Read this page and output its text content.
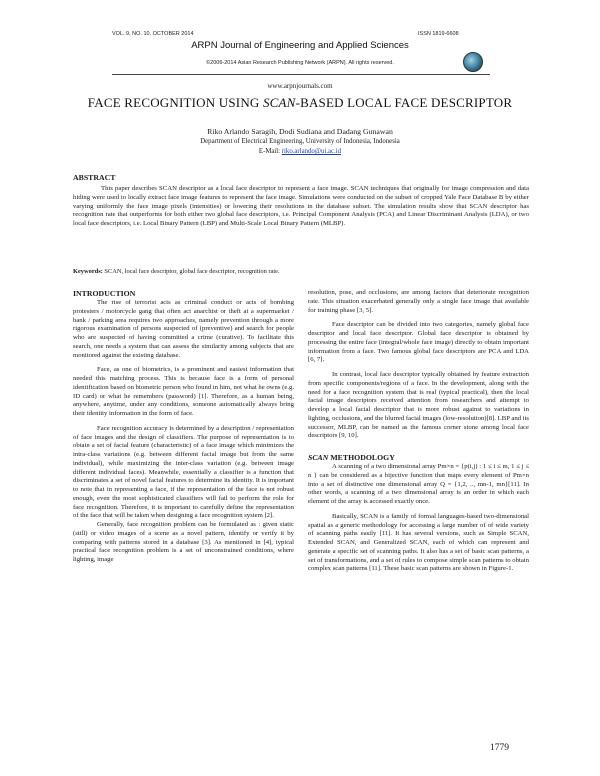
VOL. 9, NO. 10, OCTOBER 2014	ISSN 1819-6608
ARPN Journal of Engineering and Applied Sciences
©2006-2014 Asian Research Publishing Network (ARPN). All rights reserved.
www.arpnjournals.com
FACE RECOGNITION USING SCAN-BASED LOCAL FACE DESCRIPTOR
Riko Arlando Saragih, Dodi Sudiana and Dadang Gunawan
Department of Electrical Engineering, University of Indonesia, Indonesia
E-Mail: riko.arlando@ui.ac.id
ABSTRACT

This paper describes SCAN descriptor as a local face descriptor to represent a face image. SCAN techniques that originally for image compression and data hiding were used to locally extract face image features to represent the face image. Simulations were conducted on the subset of cropped Yale Face Database B by either varying uniformly the face image pixels (intensities) or lowering their resolutions in the database subset. The simulation results show that SCAN descriptor has recognition rate that outperforms for both either two global face descriptors, i.e. Principal Component Analysis (PCA) and Linear Discriminant Analysis (LDA), or two local face descriptors, i.e. Local Binary Pattern (LBP) and Multi-Scale Local Binary Pattern (MLBP).

Keywords: SCAN, local face descriptor, global face descriptor, recognition rate.

INTRODUCTION

The rise of terrorist acts as criminal conduct or acts of bombing protesters / motorcycle gang that often act anarchist or theft at a supermarket / bank / parking area requires two approaches, namely prevention through a more rigorous examination of persons suspected of (preventive) and search for people who are suspected of having committed a crime (curative). To facilitate this search, one needs a system that can assess the similarity among subjects that are monitored against the existing database.

Face, as one of biometrics, is a prominent and easiest information that needed this matching process. This is because face is a form of personal identification based on biometric person who found in him, not what he owns (e.g. ID card) or what he remembers (password) [1]. Therefore, as a human being, anywhere, anytime, under any conditions, someone automatically always bring their identity information in the form of face.

Face recognition accuracy is determined by a description / representation of face images and the design of classifiers. The purpose of representation is to obtain a set of facial feature (characteristic) of a face image which minimizes the intra-class variations (e.g. between different facial image but from the same individual), while maximizing the inter-class variation (e.g. between image different individual faces). Meanwhile, essentially a classifier is a function that discriminates a set of novel facial features to determine its identity. It is important to note that in representing a face, if the representation of the face is not robust enough, even the most sophisticated classifiers will fail to perform the role for face recognition. Therefore, it is important to carefully define the representation of the face that will be taken when designing a face recognition system [2].

Generally, face recognition problem can be formulated as : given static (still) or video images of a scene as a novel pattern, identify or verify it by comparing with patterns stored in a database [3]. As mentioned in [4], typical practical face recognition problem is a set of unconstrained conditions, where lighting, image

resolution, pose, and occlusions, are among factors that deteriorate recognition rate. This situation exacerbated generally only a single face image that available for training phase [3, 5].

Face descriptor can be divided into two categories, namely global face descriptor and local face descriptor. Global face descriptor is obtained by processing the entire face (integral/whole face image) directly to obtain important information from a face. Two famous global face descriptors are PCA and LDA [6, 7].

In contrast, local face descriptor typically obtained by feature extraction from specific components/regions of a face. In the development, along with the need for a face recognition system that is real (typical practical), then the local facial image descriptors received attention from researchers and attempt to develop a local facial descriptor that is more robust against to variations in lighting, occlusions, and the blurred facial images (low-resolution)[8]. LBP and its successor, MLBP, can be named as the famous corner stone among local face descriptors [9, 10].

SCAN METHODOLOGY

A scanning of a two dimensional array Pm×n = {p(i,j) : 1 ≤ i ≤ m, 1 ≤ j ≤ n } can be considered as a bijective function that maps every element of Pm×n into a set of distinctive one dimensional array Q = {1,2, .., mn-1, mn}[11]. In other words, a scanning of a two dimensional array is an order in which each element of the array is accessed exactly once.

Basically, SCAN is a family of formal languages-based two-dimensional spatial as a generic methodology for accessing a large number of of wide variety of scanning paths easily [11]. It has several versions, such as Simple SCAN, Extended SCAN, and Generalized SCAN, each of which can represent and generate a specific set of scanning paths. It also has a set of basic scan patterns, a set of transformations, and a set of rules to compose simple scan patterns to obtain complex scan patterns [11]. These basic scan patterns are shown in Figure-1.

1779
